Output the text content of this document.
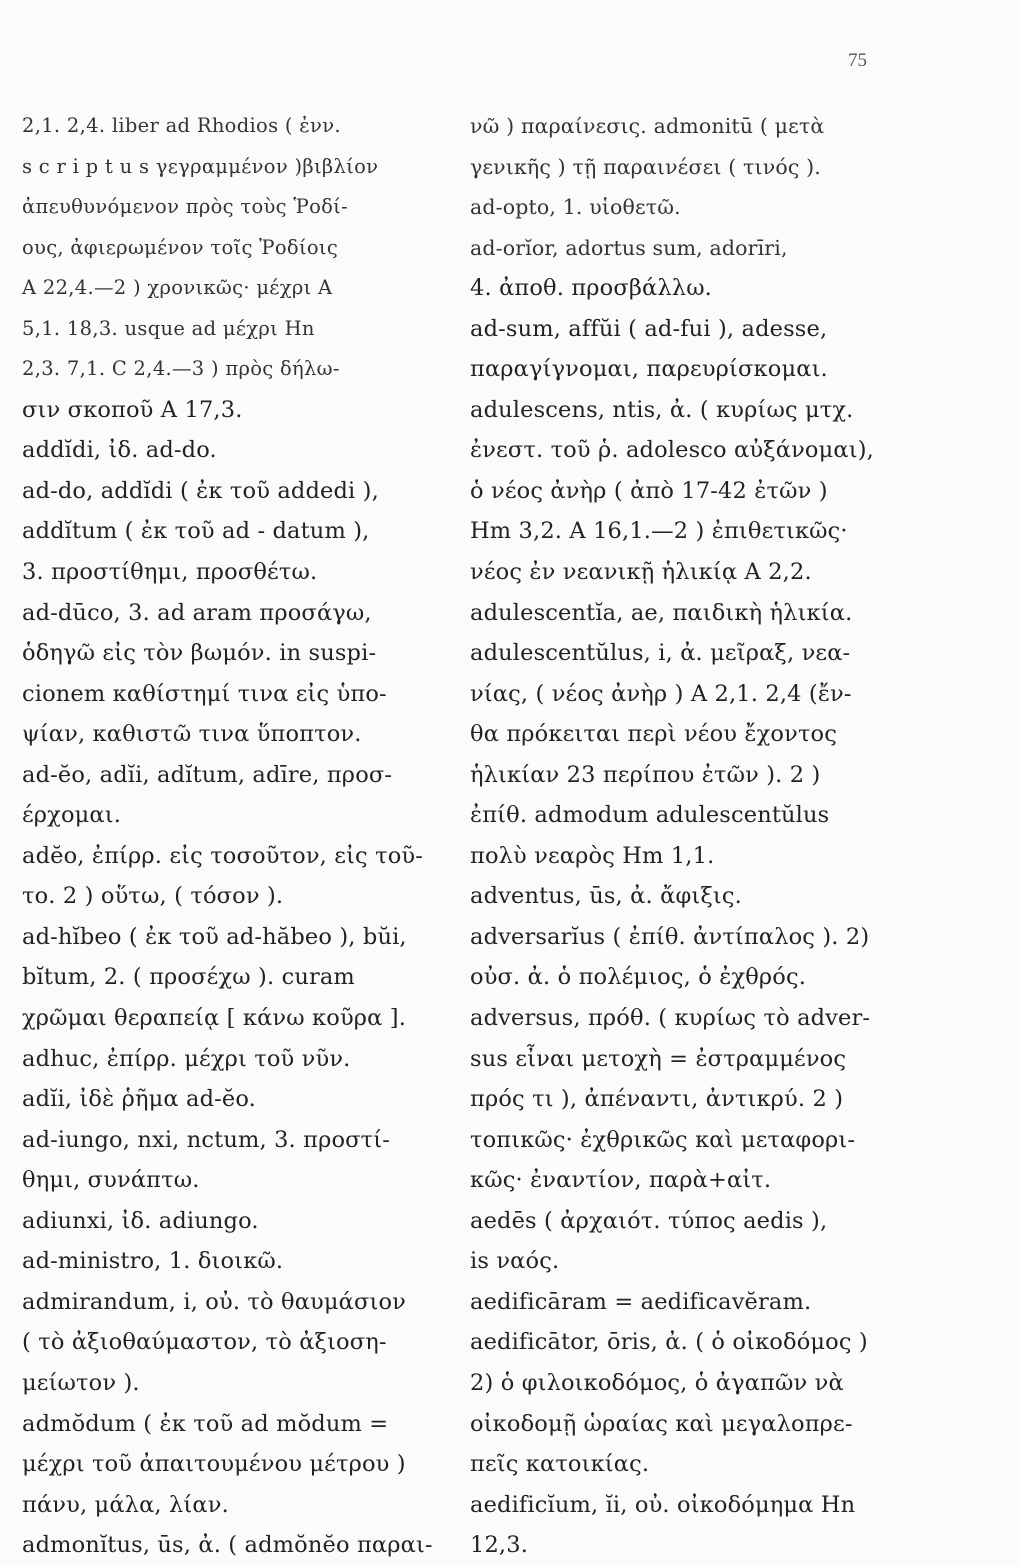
75
2,1. 2,4. liber ad Rhodios ( ἐνν.
s c r i p t u s γεγραμμένον )βιβλίον
ἀπευθυνόμενον πρὸς τοὺς Ῥοδί-
ους, ἀφιερωμένον τοῖς Ῥοδίοις
Α 22,4.—2 ) χρονικῶς· μέχρι Α
5,1. 18,3. usque ad μέχρι Hn
2,3. 7,1. C 2,4.—3 ) πρὸς δήλω-
σιν σκοποῦ Α 17,3.
addĭdi, ἰδ. ad-do.
ad-do, addĭdi ( ἐκ τοῦ addedi ),
addĭtum ( ἐκ τοῦ ad - datum ),
3. προστίθημι, προσθέτω.
ad-dūco, 3. ad aram προσάγω,
ὁδηγῶ εἰς τὸν βωμόν. in suspi-
cionem καθίστημί τινα εἰς ὑπο-
ψίαν, καθιστῶ τινα ὕποπτον.
ad-ĕo, adĭi, adĭtum, adīre, προσ-
έρχομαι.
adĕo, ἐπίρρ. εἰς τοσοῦτον, εἰς τοῦ-
το. 2 ) οὕτω, ( τόσον ).
ad-hĭbeo ( ἐκ τοῦ ad-hăbeo ), bŭi,
bĭtum, 2. ( προσέχω ). curam
χρῶμαι θεραπείᾳ [ κάνω κοῦρα ].
adhuc, ἐπίρρ. μέχρι τοῦ νῦν.
adĭi, ἰδὲ ῥῆμα ad-ĕo.
ad-iungo, nxi, nctum, 3. προστί-
θημι, συνάπτω.
adiunxi, ἰδ. adiungo.
ad-ministro, 1. διοικῶ.
admirandum, i, οὐ. τὸ θαυμάσιον
( τὸ ἀξιοθαύμαστον, τὸ ἀξιοση-
μείωτον ).
admŏdum ( ἐκ τοῦ ad mŏdum =
μέχρι τοῦ ἀπαιτουμένου μέτρου )
πάνυ, μάλα, λίαν.
admonĭtus, ūs, ἀ. ( admŏnĕo παραι-
νῶ ) παραίνεσις. admonitū ( μετὰ
γενικῆς ) τῇ παραινέσει ( τινός ).
ad-opto, 1. υἱοθετῶ.
ad-orĭor, adortus sum, adorīri,
4. ἀποθ. προσβάλλω.
ad-sum, affŭi ( ad-fui ), adesse,
παραγίγνομαι, παρευρίσκομαι.
adulescens, ntis, ἀ. ( κυρίως μτχ.
ἐνεστ. τοῦ ῥ. adolesco αὐξάνομαι),
ὁ νέος ἀνὴρ ( ἀπὸ 17-42 ἐτῶν )
Hm 3,2. Α 16,1.—2 ) ἐπιθετικῶς·
νέος ἐν νεανικῇ ἡλικίᾳ Α 2,2.
adulescentĭa, ae, παιδικὴ ἡλικία.
adulescentŭlus, i, ἀ. μεῖραξ, νεα-
νίας, ( νέος ἀνὴρ ) Α 2,1. 2,4 (ἔν-
θα πρόκειται περὶ νέου ἔχοντος
ἡλικίαν 23 περίπου ἐτῶν ). 2 )
ἐπίθ. admodum adulescentŭlus
πολὺ νεαρὸς Hm 1,1.
adventus, ūs, ἀ. ἄφιξις.
adversarĭus ( ἐπίθ. ἀντίπαλος ). 2)
οὐσ. ἀ. ὁ πολέμιος, ὁ ἐχθρός.
adversus, πρόθ. ( κυρίως τὸ adver-
sus εἶναι μετοχὴ = ἐστραμμένος
πρός τι ), ἀπέναντι, ἀντικρύ. 2 )
τοπικῶς· ἐχθρικῶς καὶ μεταφορι-
κῶς· ἐναντίον, παρὰ+αἰτ.
aedēs ( ἀρχαιότ. τύπος aedis ),
is ναός.
aedificāram = aedificavĕram.
aedificātor, ōris, ἀ. ( ὁ οἰκοδόμος )
2) ὁ φιλοικοδόμος, ὁ ἀγαπῶν νὰ
οἰκοδομῇ ὡραίας καὶ μεγαλοπρε-
πεῖς κατοικίας.
aedificĭum, ĭi, οὐ. οἰκοδόμημα Hn
12,3.
